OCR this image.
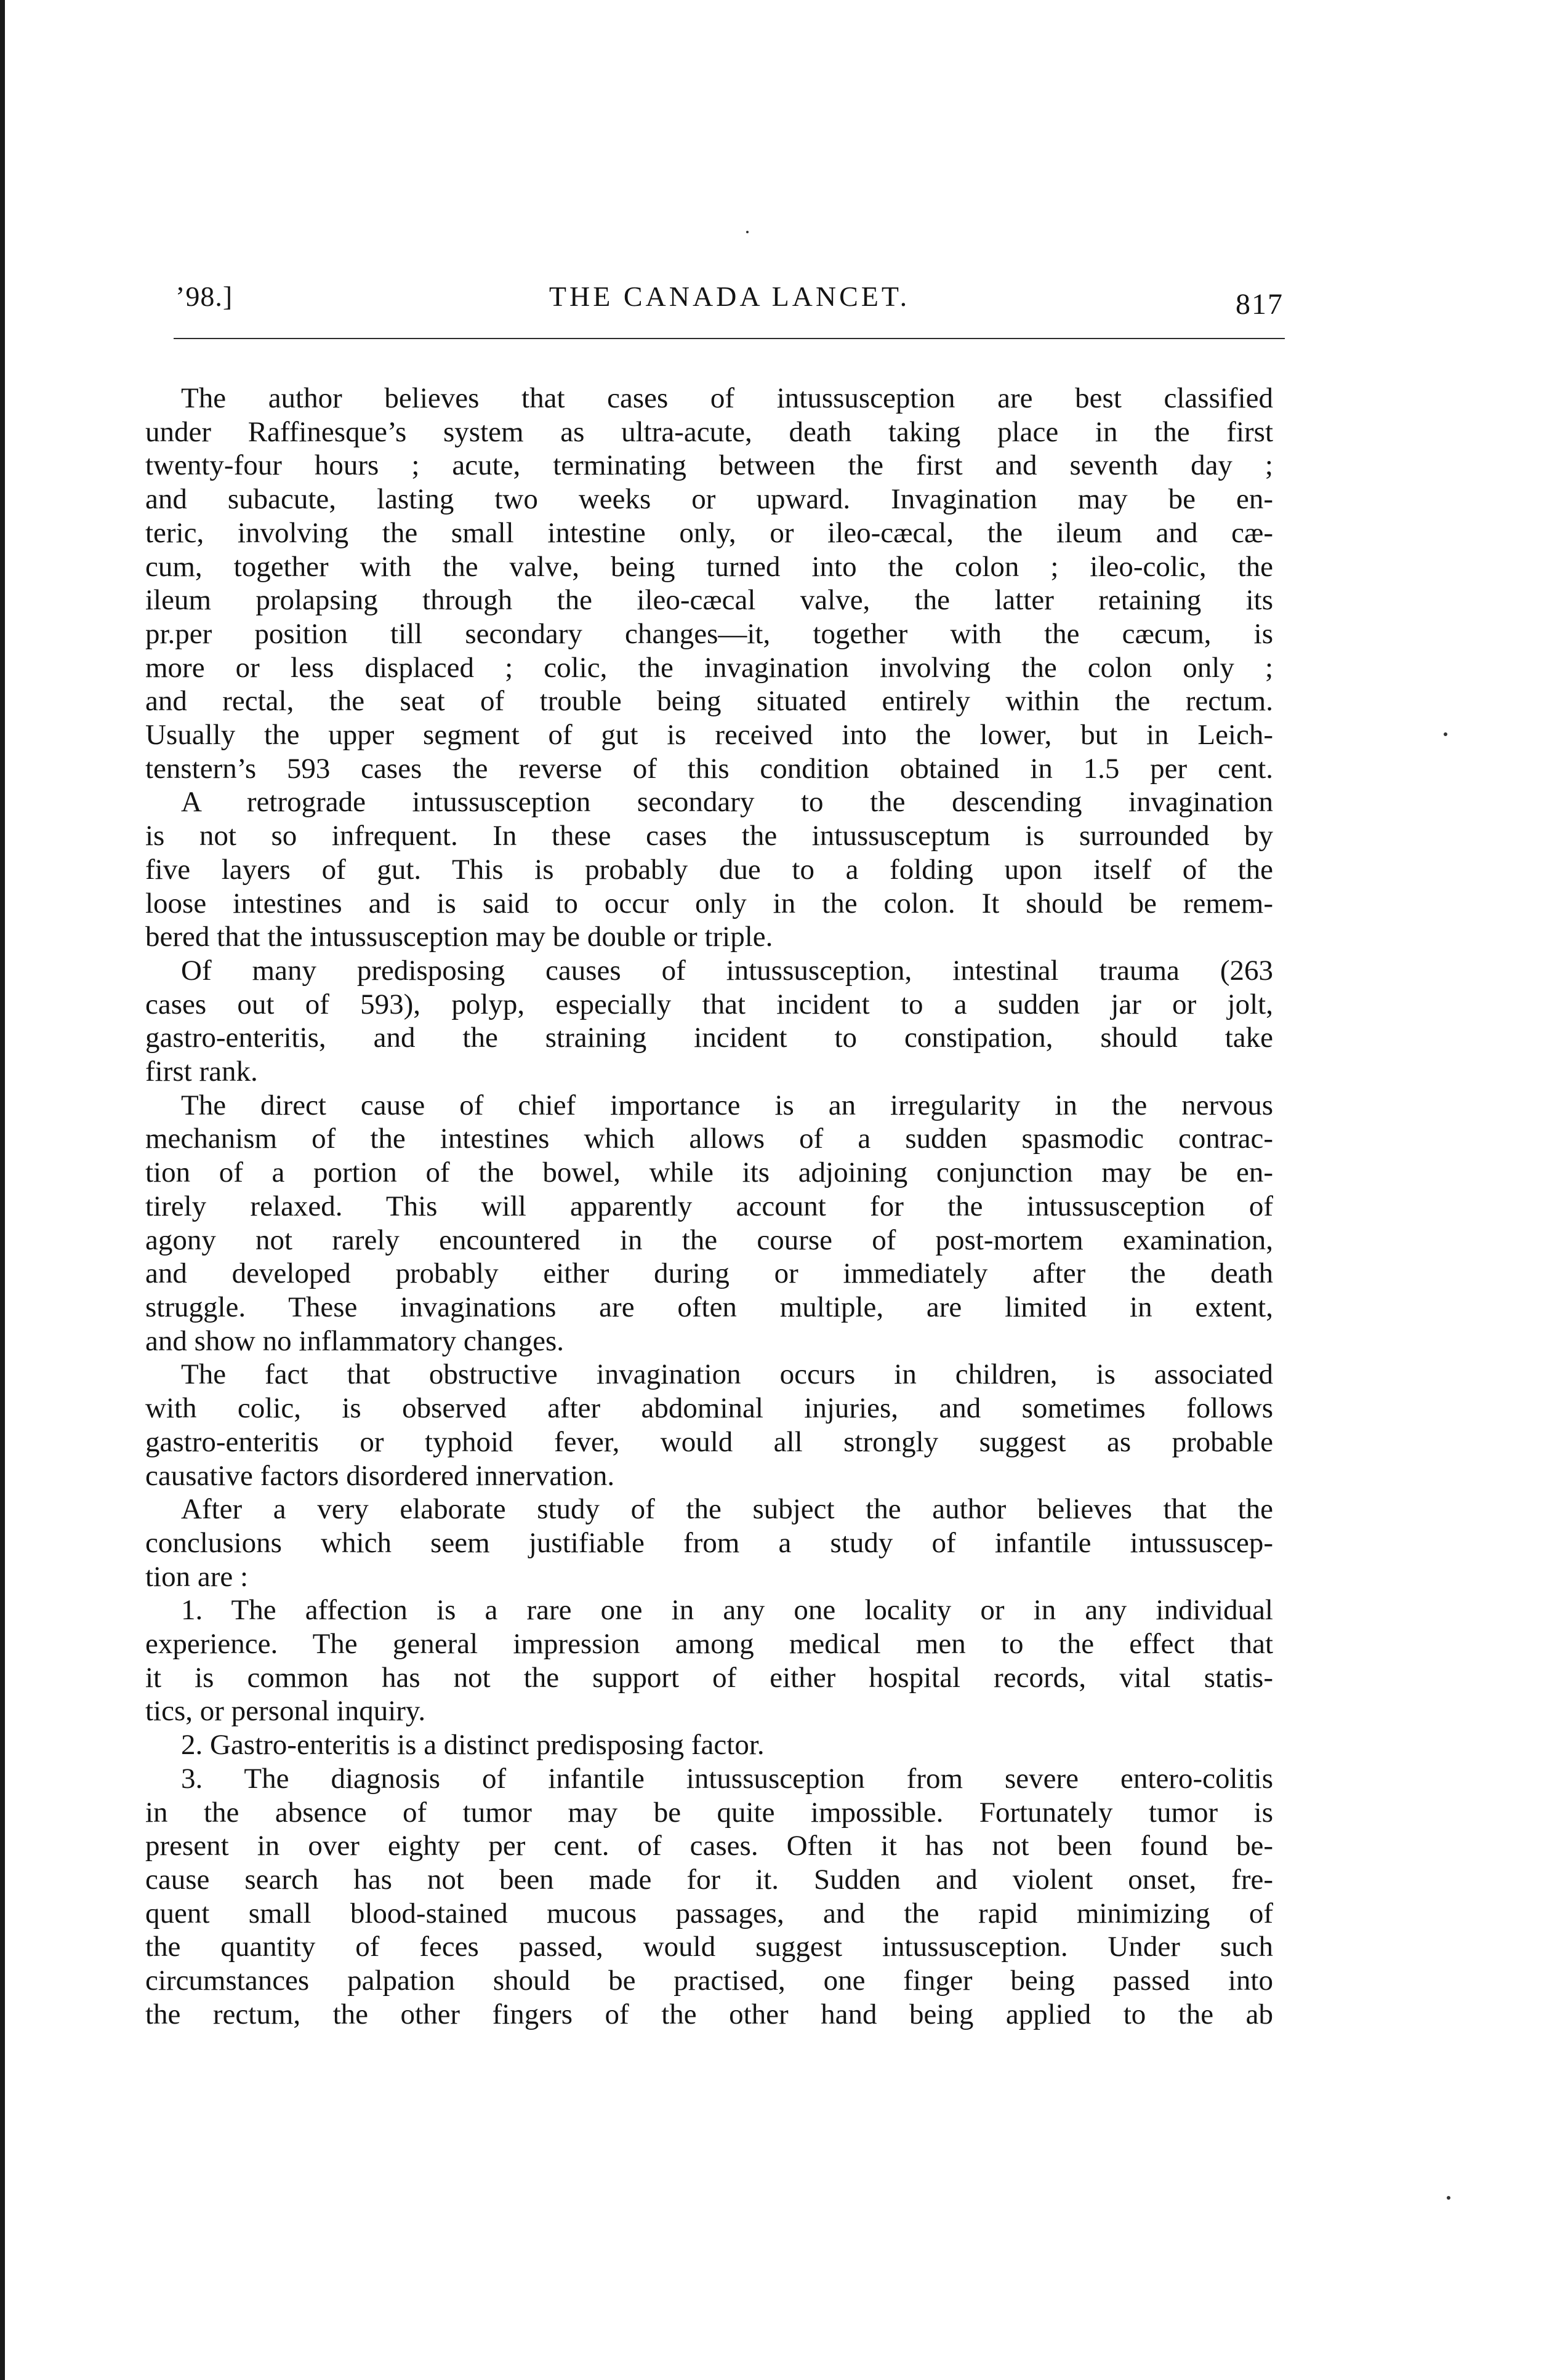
’98.]	THE CANADA LANCET.	817
The author believes that cases of intussusception are best classified
under Raffinesque’s system as ultra-acute, death taking place in the first
twenty-four hours ; acute, terminating between the first and seventh day ;
and subacute, lasting two weeks or upward. Invagination may be en-
teric, involving the small intestine only, or ileo-cæcal, the ileum and cæ-
cum, together with the valve, being turned into the colon ; ileo-colic, the
ileum prolapsing through the ileo-cæcal valve, the latter retaining its
pr.per position till secondary changes—it, together with the cæcum, is
more or less displaced ; colic, the invagination involving the colon only ;
and rectal, the seat of trouble being situated entirely within the rectum.
Usually the upper segment of gut is received into the lower, but in Leich-
tenstern’s 593 cases the reverse of this condition obtained in 1.5 per cent.
A retrograde intussusception secondary to the descending invagination
is not so infrequent. In these cases the intussusceptum is surrounded by
five layers of gut. This is probably due to a folding upon itself of the
loose intestines and is said to occur only in the colon. It should be remem-
bered that the intussusception may be double or triple.
Of many predisposing causes of intussusception, intestinal trauma (263
cases out of 593), polyp, especially that incident to a sudden jar or jolt,
gastro-enteritis, and the straining incident to constipation, should take
first rank.
The direct cause of chief importance is an irregularity in the nervous
mechanism of the intestines which allows of a sudden spasmodic contrac-
tion of a portion of the bowel, while its adjoining conjunction may be en-
tirely relaxed. This will apparently account for the intussusception of
agony not rarely encountered in the course of post-mortem examination,
and developed probably either during or immediately after the death
struggle. These invaginations are often multiple, are limited in extent,
and show no inflammatory changes.
The fact that obstructive invagination occurs in children, is associated
with colic, is observed after abdominal injuries, and sometimes follows
gastro-enteritis or typhoid fever, would all strongly suggest as probable
causative factors disordered innervation.
After a very elaborate study of the subject the author believes that the
conclusions which seem justifiable from a study of infantile intussuscep-
tion are :
1. The affection is a rare one in any one locality or in any individual
experience. The general impression among medical men to the effect that
it is common has not the support of either hospital records, vital statis-
tics, or personal inquiry.
2. Gastro-enteritis is a distinct predisposing factor.
3. The diagnosis of infantile intussusception from severe entero-colitis
in the absence of tumor may be quite impossible. Fortunately tumor is
present in over eighty per cent. of cases. Often it has not been found be-
cause search has not been made for it. Sudden and violent onset, fre-
quent small blood-stained mucous passages, and the rapid minimizing of
the quantity of feces passed, would suggest intussusception. Under such
circumstances palpation should be practised, one finger being passed into
the rectum, the other fingers of the other hand being applied to the ab
